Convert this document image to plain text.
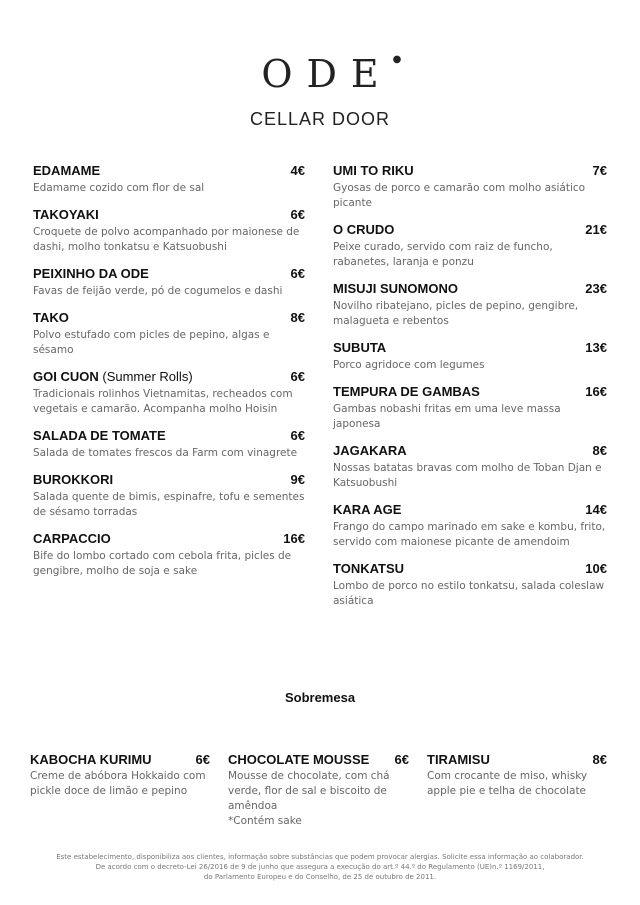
ODE ●
CELLAR DOOR
EDAMAME	4€
Edamame cozido com flor de sal
TAKOYAKI	6€
Croquete de polvo acompanhado por maionese de dashi, molho tonkatsu e Katsuobushi
PEIXINHO DA ODE	6€
Favas de feijão verde, pó de cogumelos e dashi
TAKO	8€
Polvo estufado com picles de pepino, algas e sésamo
GOI CUON (Summer Rolls)	6€
Tradicionais rolinhos Vietnamitas, recheados com vegetais e camarão. Acompanha molho Hoisin
SALADA DE TOMATE	6€
Salada de tomates frescos da Farm com vinagrete
BUROKKORI	9€
Salada quente de bimis, espinafre, tofu e sementes de sésamo torradas
CARPACCIO	16€
Bife do lombo cortado com cebola frita, picles de gengibre, molho de soja e sake
UMI TO RIKU	7€
Gyosas de porco e camarão com molho asiático picante
O CRUDO	21€
Peixe curado, servido com raiz de funcho, rabanetes, laranja e ponzu
MISUJI SUNOMONO	23€
Novilho ribatejano, picles de pepino, gengibre, malagueta e rebentos
SUBUTA	13€
Porco agridoce com legumes
TEMPURA DE GAMBAS	16€
Gambas nobashi fritas em uma leve massa japonesa
JAGAKARA	8€
Nossas batatas bravas com molho de Toban Djan e Katsuobushi
KARA AGE	14€
Frango do campo marinado em sake e kombu, frito, servido com maionese picante de amendoim
TONKATSU	10€
Lombo de porco no estilo tonkatsu, salada coleslaw asiática
Sobremesa
KABOCHA KURIMU	6€
Creme de abóbora Hokkaido com pickle doce de limão e pepino
CHOCOLATE MOUSSE 6€
Mousse de chocolate, com chá verde, flor de sal e biscoito de amêndoa
*Contém sake
TIRAMISU	8€
Com crocante de miso, whisky apple pie e telha de chocolate
Este estabelecimento, disponibiliza aos clientes, informação sobre substâncias que podem provocar alergias. Solicite essa informação ao colaborador.
De acordo com o decreto-Lei 26/2016 de 9 de junho que assegura a execução do art.º 44.º do Regulamento (UE)n.º 1169/2011,
do Parlamento Europeu e do Conselho, de 25 de outubro de 2011.
